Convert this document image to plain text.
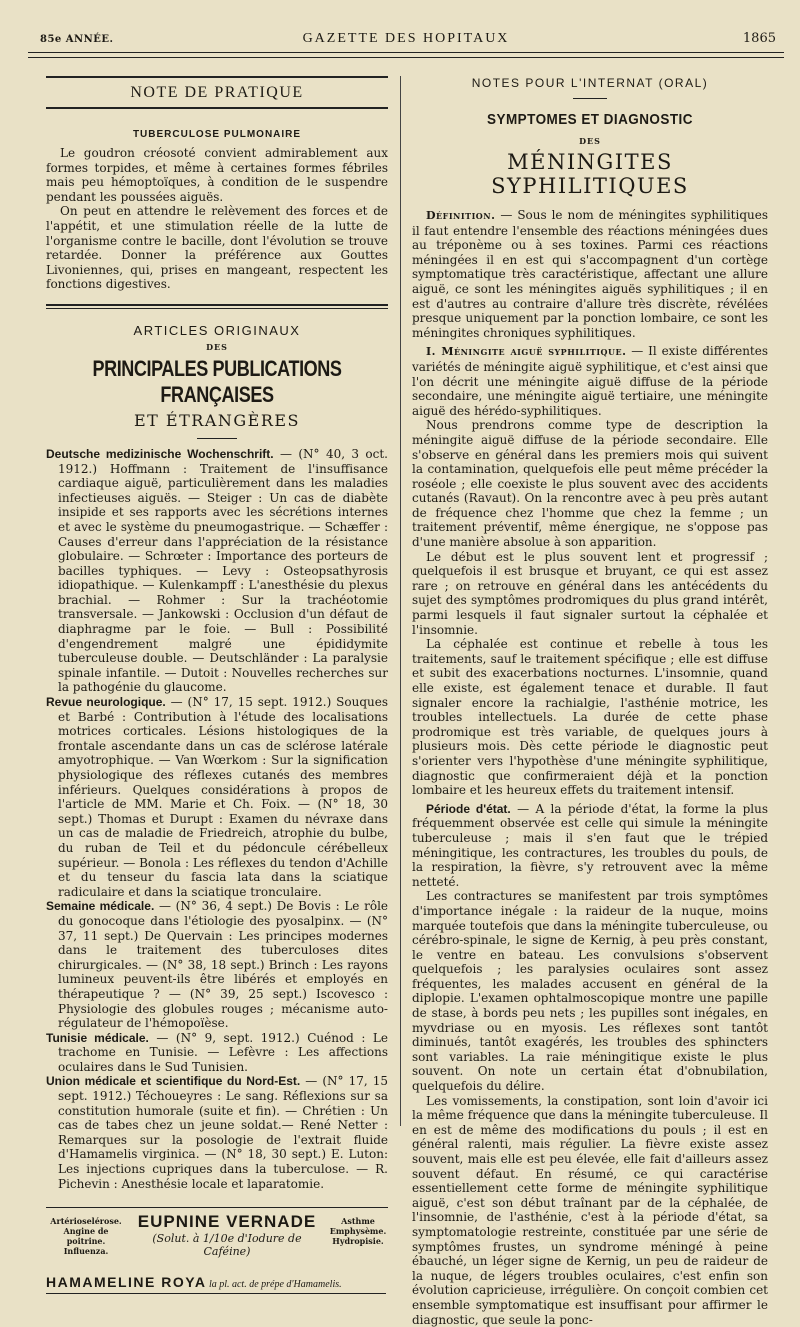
85e ANNÉE.	GAZETTE DES HOPITAUX	1865
NOTE DE PRATIQUE
TUBERCULOSE PULMONAIRE

Le goudron créosoté convient admirablement aux formes torpides, et même à certaines formes fébriles mais peu hémoptoïques, à condition de le suspendre pendant les poussées aiguës.

On peut en attendre le relèvement des forces et de l'appétit, et une stimulation réelle de la lutte de l'organisme contre le bacille, dont l'évolution se trouve retardée. Donner la préférence aux Gouttes Livoniennes, qui, prises en mangeant, respectent les fonctions digestives.

ARTICLES ORIGINAUX
DES
PRINCIPALES PUBLICATIONS FRANÇAISES
ET ÉTRANGÈRES
Deutsche medizinische Wochenschrift. — (N° 40, 3 oct. 1912.) Hoffmann : Traitement de l'insuffisance cardiaque aiguë, particulièrement dans les maladies infectieuses aiguës. — Steiger : Un cas de diabète insipide et ses rapports avec les sécrétions internes et avec le système du pneumogastrique. — Schæffer : Causes d'erreur dans l'appréciation de la résistance globulaire. — Schrœter : Importance des porteurs de bacilles typhiques. — Levy : Osteopsathyrosis idiopathique. — Kulenkampff : L'anesthésie du plexus brachial. — Rohmer : Sur la trachéotomie transversale. — Jankowski : Occlusion d'un défaut de diaphragme par le foie. — Bull : Possibilité d'engendrement malgré une épididymite tuberculeuse double. — Deutschländer : La paralysie spinale infantile. — Dutoit : Nouvelles recherches sur la pathogénie du glaucome.
Revue neurologique. — (N° 17, 15 sept. 1912.) Souques et Barbé : Contribution à l'étude des localisations motrices corticales. Lésions histologiques de la frontale ascendante dans un cas de sclérose latérale amyotrophique. — Van Wœrkom : Sur la signification physiologique des réflexes cutanés des membres inférieurs. Quelques considérations à propos de l'article de MM. Marie et Ch. Foix. — (N° 18, 30 sept.) Thomas et Durupt : Examen du névraxe dans un cas de maladie de Friedreich, atrophie du bulbe, du ruban de Teil et du pédoncule cérébelleux supérieur. — Bonola : Les réflexes du tendon d'Achille et du tenseur du fascia lata dans la sciatique radiculaire et dans la sciatique tronculaire.
Semaine médicale. — (N° 36, 4 sept.) De Bovis : Le rôle du gonocoque dans l'étiologie des pyosalpinx. — (N° 37, 11 sept.) De Quervain : Les principes modernes dans le traitement des tuberculoses dites chirurgicales. — (N° 38, 18 sept.) Brinch : Les rayons lumineux peuvent-ils être libérés et employés en thérapeutique ? — (N° 39, 25 sept.) Iscovesco : Physiologie des globules rouges ; mécanisme auto-régulateur de l'hémopoïèse.
Tunisie médicale. — (N° 9, sept. 1912.) Cuénod : Le trachome en Tunisie. — Lefèvre : Les affections oculaires dans le Sud Tunisien.
Union médicale et scientifique du Nord-Est. — (N° 17, 15 sept. 1912.) Téchoueyres : Le sang. Réflexions sur sa constitution humorale (suite et fin). — Chrétien : Un cas de tabes chez un jeune soldat.— René Netter : Remarques sur la posologie de l'extrait fluide d'Hamamelis virginica. — (N° 18, 30 sept.) E. Luton: Les injections cupriques dans la tuberculose. — R. Pichevin : Anesthésie locale et laparatomie.
Artérioselérose.
Angine de poitrine.
Influenza.
EUPNINE VERNADE
(Solut. à 1/10e d'Iodure de Caféine)
Asthme
Emphysème.
Hydropisie.
HAMAMELINE ROYA la pl. act. de prépe d'Hamamelis.
NOTES POUR L'INTERNAT (ORAL)
SYMPTOMES ET DIAGNOSTIC
DES
MÉNINGITES SYPHILITIQUES

Définition. — Sous le nom de méningites syphilitiques il faut entendre l'ensemble des réactions méningées dues au tréponème ou à ses toxines. Parmi ces réactions méningées il en est qui s'accompagnent d'un cortège symptomatique très caractéristique, affectant une allure aiguë, ce sont les méningites aiguës syphilitiques ; il en est d'autres au contraire d'allure très discrète, révélées presque uniquement par la ponction lombaire, ce sont les méningites chroniques syphilitiques.

I. Méningite aiguë syphilitique. — Il existe différentes variétés de méningite aiguë syphilitique, et c'est ainsi que l'on décrit une méningite aiguë diffuse de la période secondaire, une méningite aiguë tertiaire, une méningite aiguë des hérédo-syphilitiques.

Nous prendrons comme type de description la méningite aiguë diffuse de la période secondaire. Elle s'observe en général dans les premiers mois qui suivent la contamination, quelquefois elle peut même précéder la roséole ; elle coexiste le plus souvent avec des accidents cutanés (Ravaut). On la rencontre avec à peu près autant de fréquence chez l'homme que chez la femme ; un traitement préventif, même énergique, ne s'oppose pas d'une manière absolue à son apparition.

Le début est le plus souvent lent et progressif ; quelquefois il est brusque et bruyant, ce qui est assez rare ; on retrouve en général dans les antécédents du sujet des symptômes prodromiques du plus grand intérêt, parmi lesquels il faut signaler surtout la céphalée et l'insomnie.

La céphalée est continue et rebelle à tous les traitements, sauf le traitement spécifique ; elle est diffuse et subit des exacerbations nocturnes. L'insomnie, quand elle existe, est également tenace et durable. Il faut signaler encore la rachialgie, l'asthénie motrice, les troubles intellectuels. La durée de cette phase prodromique est très variable, de quelques jours à plusieurs mois. Dès cette période le diagnostic peut s'orienter vers l'hypothèse d'une méningite syphilitique, diagnostic que confirmeraient déjà et la ponction lombaire et les heureux effets du traitement intensif.

Période d'état. — A la période d'état, la forme la plus fréquemment observée est celle qui simule la méningite tuberculeuse ; mais il s'en faut que le trépied méningitique, les contractures, les troubles du pouls, de la respiration, la fièvre, s'y retrouvent avec la même netteté.

Les contractures se manifestent par trois symptômes d'importance inégale : la raideur de la nuque, moins marquée toutefois que dans la méningite tuberculeuse, ou cérébro-spinale, le signe de Kernig, à peu près constant, le ventre en bateau. Les convulsions s'observent quelquefois ; les paralysies oculaires sont assez fréquentes, les malades accusent en général de la diplopie. L'examen ophtalmoscopique montre une papille de stase, à bords peu nets ; les pupilles sont inégales, en myvdriase ou en myosis. Les réflexes sont tantôt diminués, tantôt exagérés, les troubles des sphincters sont variables. La raie méningitique existe le plus souvent. On note un certain état d'obnubilation, quelquefois du délire.

Les vomissements, la constipation, sont loin d'avoir ici la même fréquence que dans la méningite tuberculeuse. Il en est de même des modifications du pouls ; il est en général ralenti, mais régulier. La fièvre existe assez souvent, mais elle est peu élevée, elle fait d'ailleurs assez souvent défaut. En résumé, ce qui caractérise essentiellement cette forme de méningite syphilitique aiguë, c'est son début traînant par de la céphalée, de l'insomnie, de l'asthénie, c'est à la période d'état, sa symptomatologie restreinte, constituée par une série de symptômes frustes, un syndrome méningé à peine ébauché, un léger signe de Kernig, un peu de raideur de la nuque, de légers troubles oculaires, c'est enfin son évolution capricieuse, irrégulière. On conçoit combien cet ensemble symptomatique est insuffisant pour affirmer le diagnostic, que seule la ponc-
